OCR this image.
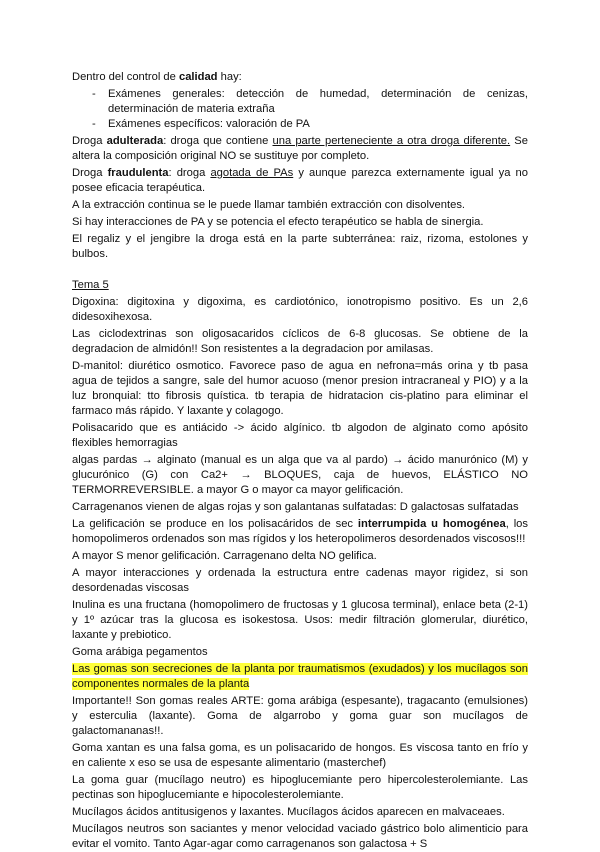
Dentro del control de calidad hay:

-	Exámenes generales: detección de humedad, determinación de cenizas, determinación de materia extraña
-	Exámenes específicos: valoración de PA

Droga adulterada: droga que contiene una parte perteneciente a otra droga diferente. Se altera la composición original NO se sustituye por completo.

Droga fraudulenta: droga agotada de PAs y aunque parezca externamente igual ya no posee eficacia terapéutica.

A la extracción continua se le puede llamar también extracción con disolventes.

Si hay interacciones de PA y se potencia el efecto terapéutico se habla de sinergia.

El regaliz y el jengibre la droga está en la parte subterránea: raiz, rizoma, estolones y bulbos.

Tema 5

Digoxina: digitoxina y digoxima, es cardiotónico, ionotropismo positivo. Es un 2,6 didesoxihexosa.

Las ciclodextrinas son oligosacaridos cíclicos de 6-8 glucosas. Se obtiene de la degradacion de almidón!! Son resistentes a la degradacion por amilasas.

D-manitol: diurético osmotico. Favorece paso de agua en nefrona=más orina y tb pasa agua de tejidos a sangre, sale del humor acuoso (menor presion intracraneal y PIO) y a la luz bronquial: tto fibrosis quística. tb terapia de hidratacion cis-platino para eliminar el farmaco más rápido. Y laxante y colagogo.

Polisacarido que es antiácido -> ácido algínico. tb algodon de alginato como apósito flexibles hemorragias

algas pardas → alginato (manual es un alga que va al pardo) → ácido manurónico (M) y glucurónico (G) con Ca2+ → BLOQUES, caja de huevos, ELÁSTICO NO TERMORREVERSIBLE. a mayor G o mayor ca mayor gelificación.

Carragenanos vienen de algas rojas y son galantanas sulfatadas: D galactosas sulfatadas

La gelificación se produce en los polisacáridos de sec interrumpida u homogénea, los homopolimeros ordenados son mas rígidos y los heteropolimeros desordenados viscosos!!!

A mayor S menor gelificación. Carragenano delta NO gelifica.

A mayor interacciones y ordenada la estructura entre cadenas mayor rigidez, si son desordenadas viscosas

Inulina es una fructana (homopolimero de fructosas y 1 glucosa terminal), enlace beta (2-1) y 1º azúcar tras la glucosa es isokestosa. Usos: medir filtración glomerular, diurético, laxante y prebiotico.

Goma arábiga pegamentos

Las gomas son secreciones de la planta por traumatismos (exudados) y los mucílagos son componentes normales de la planta

Importante!! Son gomas reales ARTE: goma arábiga (espesante), tragacanto (emulsiones) y esterculia (laxante). Goma de algarrobo y goma guar son mucílagos de galactomananas!!.

Goma xantan es una falsa goma, es un polisacarido de hongos. Es viscosa tanto en frío y en caliente x eso se usa de espesante alimentario (masterchef)

La goma guar (mucílago neutro) es hipoglucemiante pero hipercolesterolemiante. Las pectinas son hipoglucemiante e hipocolesterolemiante.

Mucílagos ácidos antitusigenos y laxantes. Mucílagos ácidos aparecen en malvaceaes.

Mucílagos neutros son saciantes y menor velocidad vaciado gástrico bolo alimenticio para evitar el vomito. Tanto Agar-agar como carragenanos son galactosa + S
